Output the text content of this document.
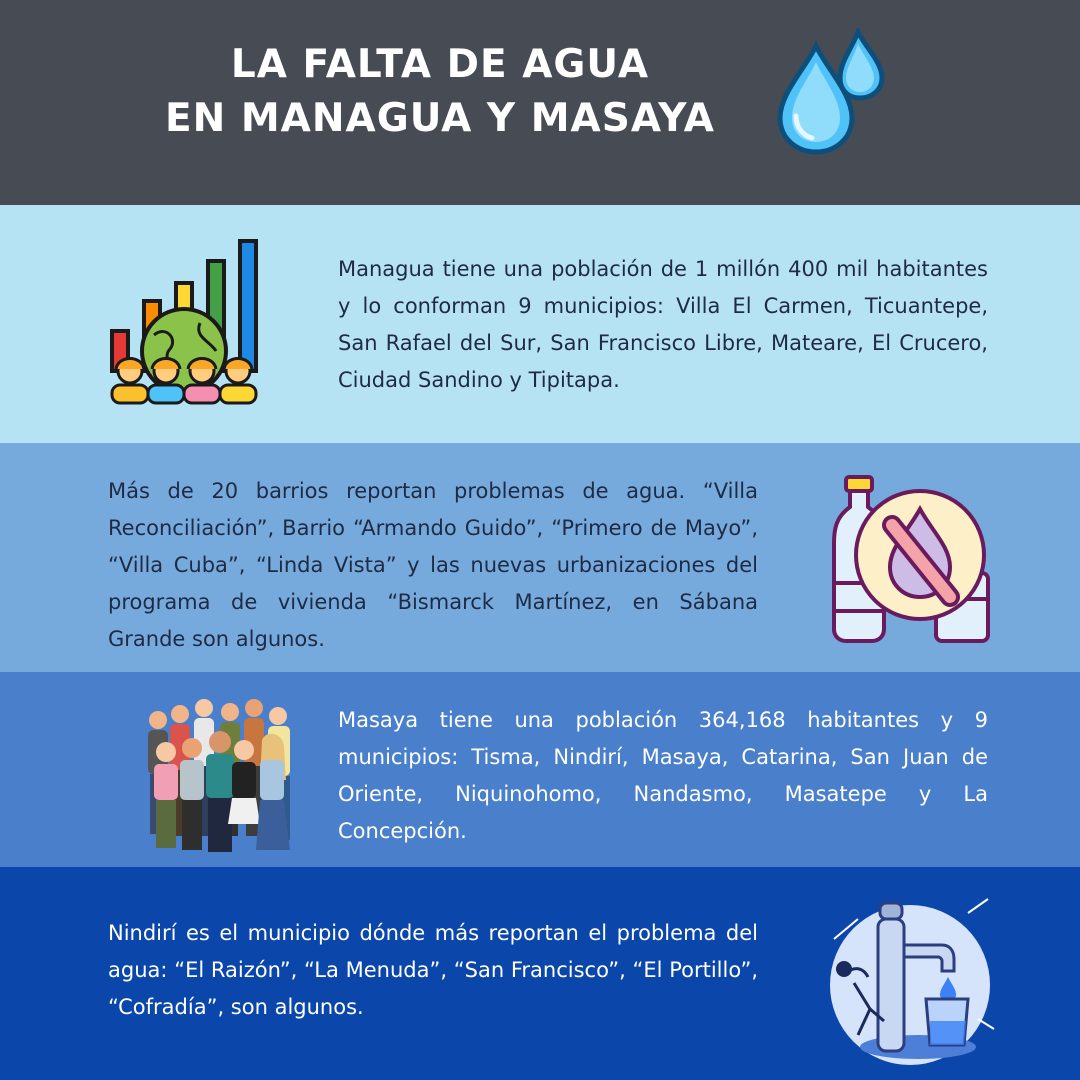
LA FALTA DE AGUA
EN MANAGUA Y MASAYA

Managua tiene una población de 1 millón 400 mil habitantes y lo conforman 9 municipios: Villa El Carmen, Ticuantepe, San Rafael del Sur, San Francisco Libre, Mateare, El Crucero, Ciudad Sandino y Tipitapa.

Más de 20 barrios reportan problemas de agua. “Villa Reconciliación”, Barrio “Armando Guido”, “Primero de Mayo”, “Villa Cuba”, “Linda Vista” y las nuevas urbanizaciones del programa de vivienda “Bismarck Martínez, en Sábana Grande son algunos.

Masaya tiene una población 364,168 habitantes y 9 municipios: Tisma, Nindirí, Masaya, Catarina, San Juan de Oriente, Niquinohomo, Nandasmo, Masatepe y La Concepción.

Nindirí es el municipio dónde más reportan el problema del agua: “El Raizón”, “La Menuda”, “San Francisco”, “El Portillo”, “Cofradía”, son algunos.
